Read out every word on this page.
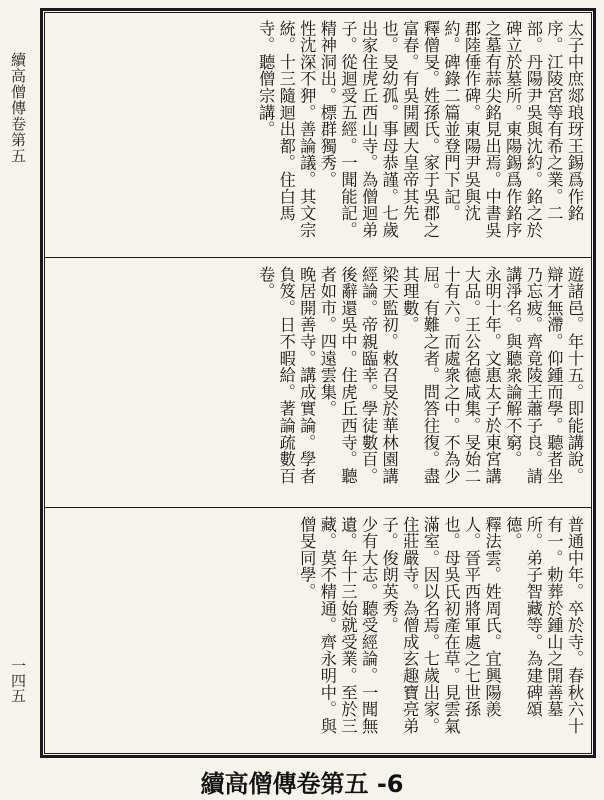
續高僧傳卷第五
一四五
太子中庶郯琅玡王錫爲作銘序。江陵宮等有希之業。二部。丹陽尹吳與沈約。銘之於碑立於墓所。東陽錫爲作銘序之墓有蒜尖銘見出焉。中書吳郡陸倕作碑。東陽尹吳與沈約。碑錄二篇並登門下記。
釋僧旻。姓孫氏。家于吳郡之富春。有吳開國大皇帝其先也。旻幼孤。事母恭謹。七歲出家住虎丘西山寺。為僧迴弟子。從迴受五經。一聞能記。精神洞出。標群獨秀。
性沈深不狎。善論議。其文宗統。十三隨迴出都。住白馬寺。聽僧宗講。
遊諸邑。年十五。即能講說。辯才無滯。仰鍾而學。聽者坐乃忘疲。齊竟陵王蕭子良。請講淨名。與聽衆論解不窮。
永明十年。文惠太子於東宮講大品。王公名德咸集。旻始二十有六。而處衆之中。不為少屈。有難之者。問答往復。盡其理數。
梁天監初。敕召旻於華林園講經論。帝親臨幸。學徒數百。後辭還吳中。住虎丘西寺。聽者如市。四遠雲集。
晚居開善寺。講成實論。學者負笈。日不暇給。著論疏數百卷。
普通中年。卒於寺。春秋六十有一。勅葬於鍾山之開善墓所。弟子智藏等。為建碑頌德。
釋法雲。姓周氏。宜興陽羨人。晉平西將軍處之七世孫也。母吳氏初產在草。見雲氣滿室。因以名焉。七歲出家。住莊嚴寺。為僧成玄趣寶亮弟子。俊朗英秀。
少有大志。聽受經論。一聞無遺。年十三始就受業。至於三藏。莫不精通。齊永明中。與僧旻同學。
續高僧傳卷第五 -6
